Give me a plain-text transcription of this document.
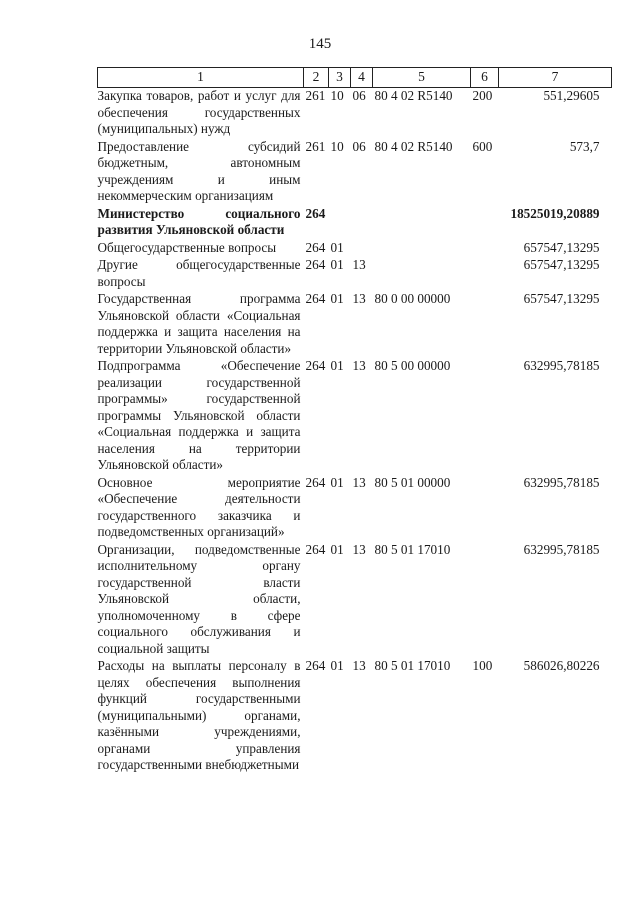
145
1	2	3	4	5	6	7
Закупка товаров, работ и услуг для обеспечения государственных (муниципальных) нужд	261	10	06	80 4 02 R5140	200	551,29605
Предоставление субсидий бюджетным, автономным учреждениям и иным некоммерческим организациям	261	10	06	80 4 02 R5140	600	573,7
Министерство социального развития Ульяновской области	264					18525019,20889
Общегосударственные вопросы	264	01				657547,13295
Другие общегосударственные вопросы	264	01	13			657547,13295
Государственная программа Ульяновской области «Социальная поддержка и защита населения на территории Ульяновской области»	264	01	13	80 0 00 00000		657547,13295
Подпрограмма «Обеспечение реализации государственной программы» государственной программы Ульяновской области «Социальная поддержка и защита населения на территории Ульяновской области»	264	01	13	80 5 00 00000		632995,78185
Основное мероприятие «Обеспечение деятельности государственного заказчика и подведомственных организаций»	264	01	13	80 5 01 00000		632995,78185
Организации, подведомственные исполнительному органу государственной власти Ульяновской области, уполномоченному в сфере социального обслуживания и социальной защиты	264	01	13	80 5 01 17010		632995,78185
Расходы на выплаты персоналу в целях обеспечения выполнения функций государственными (муниципальными) органами, казёнными учреждениями, органами управления государственными внебюджетными	264	01	13	80 5 01 17010	100	586026,80226
